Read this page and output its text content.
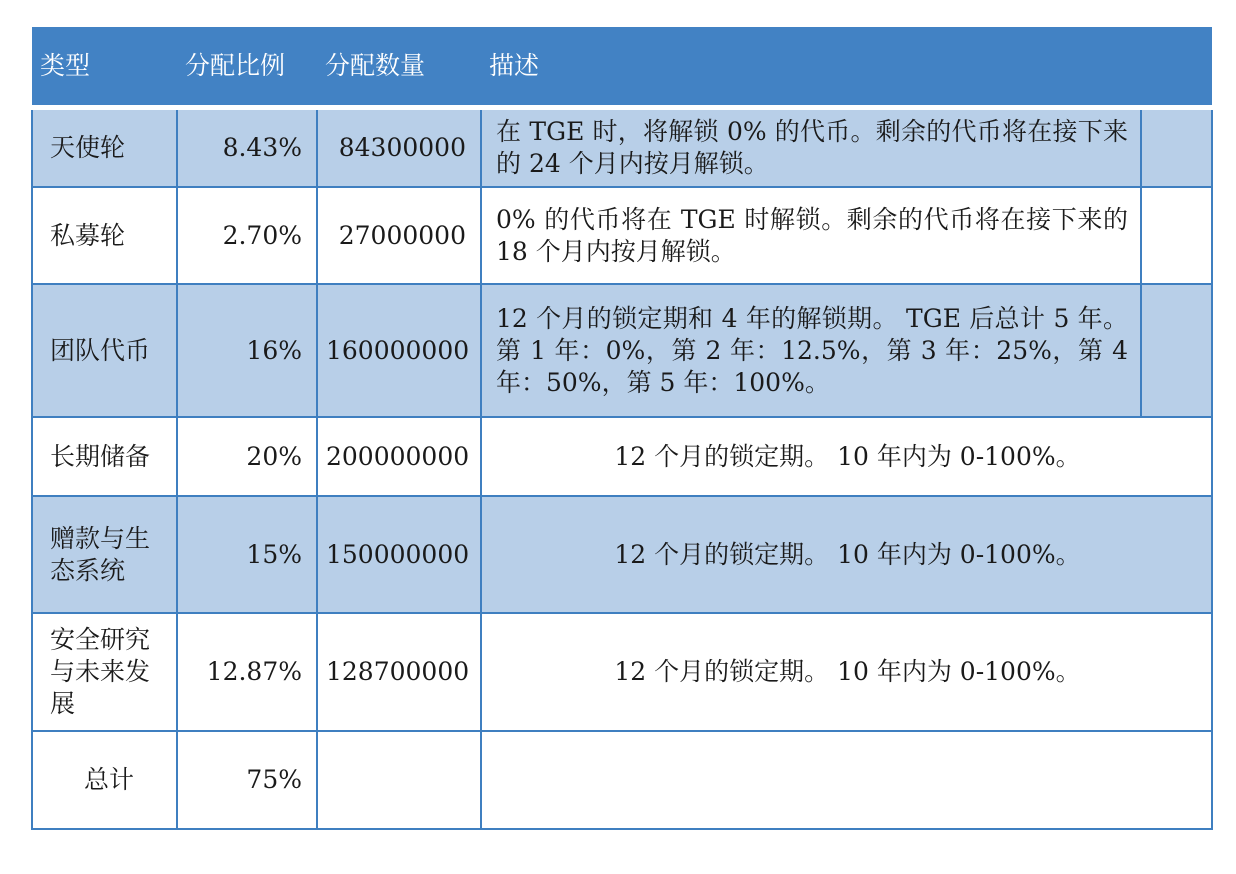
类型	分配比例	分配数量	描述	
天使轮	8.43%	84300000	在 TGE 时，将解锁 0% 的代币。剩余的代币将在接下来的 24 个月内按月解锁。	
私募轮	2.70%	27000000	0% 的代币将在 TGE 时解锁。剩余的代币将在接下来的 18 个月内按月解锁。	
团队代币	16%	160000000	12 个月的锁定期和 4 年的解锁期。 TGE 后总计 5 年。第 1 年：0%，第 2 年：12.5%，第 3 年：25%，第 4 年：50%，第 5 年：100%。	
长期储备	20%	200000000	12 个月的锁定期。 10 年内为 0-100%。	
赠款与生态系统	15%	150000000	12 个月的锁定期。 10 年内为 0-100%。	
安全研究与未来发展	12.87%	128700000	12 个月的锁定期。 10 年内为 0-100%。	
总计	75%			
